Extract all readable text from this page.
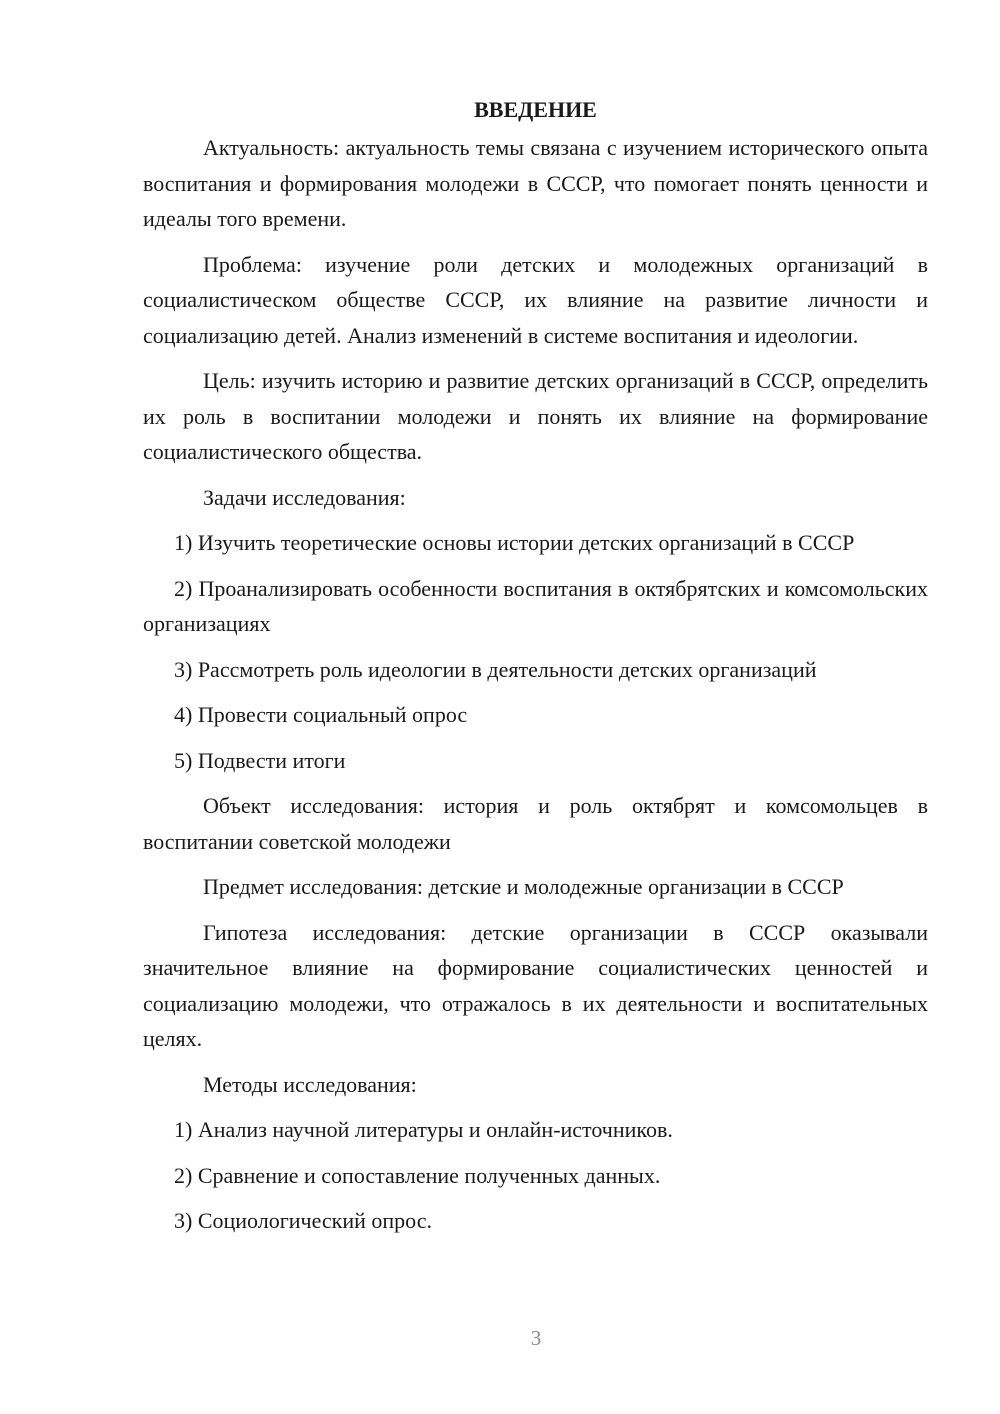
ВВЕДЕНИЕ

Актуальность: актуальность темы связана с изучением исторического опыта воспитания и формирования молодежи в СССР, что помогает понять ценности и идеалы того времени.

Проблема: изучение роли детских и молодежных организаций в социалистическом обществе СССР, их влияние на развитие личности и социализацию детей. Анализ изменений в системе воспитания и идеологии.

Цель: изучить историю и развитие детских организаций в СССР, определить их роль в воспитании молодежи и понять их влияние на формирование социалистического общества.

Задачи исследования:

1) Изучить теоретические основы истории детских организаций в СССР

2) Проанализировать особенности воспитания в октябрятских и комсомольских организациях

3) Рассмотреть роль идеологии в деятельности детских организаций

4) Провести социальный опрос

5) Подвести итоги

Объект исследования: история и роль октябрят и комсомольцев в воспитании советской молодежи

Предмет исследования: детские и молодежные организации в СССР

Гипотеза исследования: детские организации в СССР оказывали значительное влияние на формирование социалистических ценностей и социализацию молодежи, что отражалось в их деятельности и воспитательных целях.

Методы исследования:

1) Анализ научной литературы и онлайн-источников.

2) Сравнение и сопоставление полученных данных.

3) Социологический опрос.

3
